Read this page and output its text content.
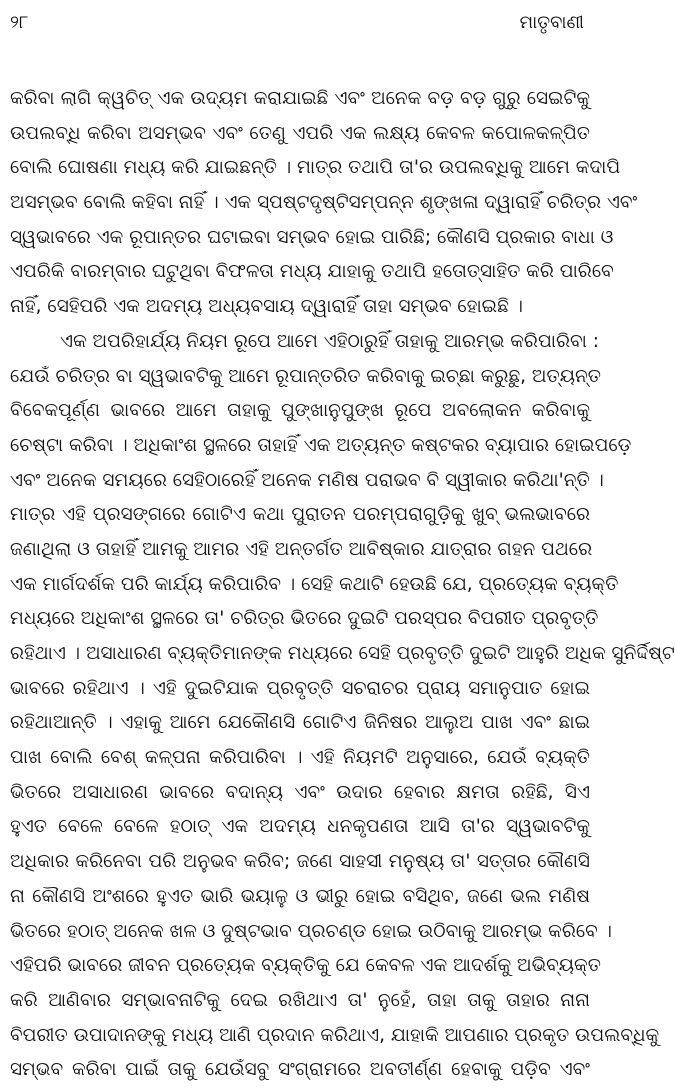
୨୮	ମାତୃବାଣୀ
କରିବା ଲାଗି କ୍ୱଚିତ୍ ଏକ ଉଦ୍ୟମ କରାଯାଇଛି ଏବଂ ଅନେକ ବଡ଼ ବଡ଼ ଗୁରୁ ସେଇଟିକୁ
ଉପଲବ୍ଧି କରିବା ଅସମ୍ଭବ ଏବଂ ତେଣୁ ଏପରି ଏକ ଲକ୍ଷ୍ୟ କେବଳ କପୋଳକଳ୍ପିତ
ବୋଲି ଘୋଷଣା ମଧ୍ୟ କରି ଯାଇଛନ୍ତି । ମାତ୍ର ତଥାପି ତା'ର ଉପଲବ୍ଧିକୁ ଆମେ କଦାପି
ଅସମ୍ଭବ ବୋଲି କହିବା ନାହିଁ । ଏକ ସ୍ପଷ୍ଟଦୃଷ୍ଟିସମ୍ପନ୍ନ ଶୃଙ୍ଖଳା ଦ୍ୱାରାହିଁ ଚରିତ୍ର ଏବଂ
ସ୍ୱଭାବରେ ଏକ ରୂପାନ୍ତର ଘଟାଇବା ସମ୍ଭବ ହୋଇ ପାରିଛି; କୌଣସି ପ୍ରକାର ବାଧା ଓ
ଏପରିକି ବାରମ୍ବାର ଘଟୁଥିବା ବିଫଳତା ମଧ୍ୟ ଯାହାକୁ ତଥାପି ହତୋତ୍ସାହିତ କରି ପାରିବେ
ନାହିଁ, ସେହିପରି ଏକ ଅଦମ୍ୟ ଅଧ୍ୟବସାୟ ଦ୍ୱାରାହିଁ ତାହା ସମ୍ଭବ ହୋଇଛି ।
ଏକ ଅପରିହାର୍ଯ୍ୟ ନିୟମ ରୂପେ ଆମେ ଏହିଠାରୁହିଁ ତାହାକୁ ଆରମ୍ଭ କରିପାରିବା :
ଯେଉଁ ଚରିତ୍ର ବା ସ୍ୱଭାବଟିକୁ ଆମେ ରୂପାନ୍ତରିତ କରିବାକୁ ଇଚ୍ଛା କରୁଛୁ, ଅତ୍ୟନ୍ତ
ବିବେକପୂର୍ଣ୍ଣ ଭାବରେ ଆମେ ତାହାକୁ ପୁଙ୍ଖାନୁପୁଙ୍ଖ ରୂପେ ଅବଲୋକନ କରିବାକୁ
ଚେଷ୍ଟା କରିବା । ଅଧିକାଂଶ ସ୍ଥଳରେ ତାହାହିଁ ଏକ ଅତ୍ୟନ୍ତ କଷ୍ଟକର ବ୍ୟାପାର ହୋଇପଡ଼େ
ଏବଂ ଅନେକ ସମୟରେ ସେହିଠାରେହିଁ ଅନେକ ମଣିଷ ପରାଭବ ବି ସ୍ୱୀକାର କରିଥା'ନ୍ତି ।
ମାତ୍ର ଏହି ପ୍ରସଙ୍ଗରେ ଗୋଟିଏ କଥା ପୁରାତନ ପରମ୍ପରାଗୁଡ଼ିକୁ ଖୁବ୍ ଭଲଭାବରେ
ଜଣାଥିଲା ଓ ତାହାହିଁ ଆମକୁ ଆମର ଏହି ଅନ୍ତର୍ଗତ ଆବିଷ୍କାର ଯାତ୍ରାର ଗହନ ପଥରେ
ଏକ ମାର୍ଗଦର୍ଶକ ପରି କାର୍ଯ୍ୟ କରିପାରିବ । ସେହି କଥାଟି ହେଉଛି ଯେ, ପ୍ରତ୍ୟେକ ବ୍ୟକ୍ତି
ମଧ୍ୟରେ ଅଧିକାଂଶ ସ୍ଥଳରେ ତା' ଚରିତ୍ର ଭିତରେ ଦୁଇଟି ପରସ୍ପର ବିପରୀତ ପ୍ରବୃତ୍ତି
ରହିଥାଏ । ଅସାଧାରଣ ବ୍ୟକ୍ତିମାନଙ୍କ ମଧ୍ୟରେ ସେହି ପ୍ରବୃତ୍ତି ଦୁଇଟି ଆହୁରି ଅଧିକ ସୁନିର୍ଦ୍ଦିଷ୍ଟ
ଭାବରେ ରହିଥାଏ । ଏହି ଦୁଇଟିଯାକ ପ୍ରବୃତ୍ତି ସଚରାଚର ପ୍ରାୟ ସମାନୁପାତ ହୋଇ
ରହିଥାଆନ୍ତି । ଏହାକୁ ଆମେ ଯେକୌଣସି ଗୋଟିଏ ଜିନିଷର ଆଲୁଅ ପାଖ ଏବଂ ଛାଇ
ପାଖ ବୋଲି ବେଶ୍ କଳ୍ପନା କରିପାରିବା । ଏହି ନିୟମଟି ଅନୁସାରେ, ଯେଉଁ ବ୍ୟକ୍ତି
ଭିତରେ ଅସାଧାରଣ ଭାବରେ ବଦାନ୍ୟ ଏବଂ ଉଦାର ହେବାର କ୍ଷମତା ରହିଛି, ସିଏ
ହୁଏତ ବେଳେ ବେଳେ ହଠାତ୍ ଏକ ଅଦମ୍ୟ ଧନକୃପଣତା ଆସି ତା'ର ସ୍ୱଭାବଟିକୁ
ଅଧିକାର କରିନେବା ପରି ଅନୁଭବ କରିବ; ଜଣେ ସାହସୀ ମନୁଷ୍ୟ ତା' ସତ୍ତାର କୌଣସି
ନା କୌଣସି ଅଂଶରେ ହୁଏତ ଭାରି ଭୟାଳୁ ଓ ଭୀରୁ ହୋଇ ବସିଥିବ, ଜଣେ ଭଲ ମଣିଷ
ଭିତରେ ହଠାତ୍ ଅନେକ ଖଳ ଓ ଦୁଷ୍ଟଭାବ ପ୍ରଚଣ୍ଡ ହୋଇ ଉଠିବାକୁ ଆରମ୍ଭ କରିବେ ।
ଏହିପରି ଭାବରେ ଜୀବନ ପ୍ରତ୍ୟେକ ବ୍ୟକ୍ତିକୁ ଯେ କେବଳ ଏକ ଆଦର୍ଶକୁ ଅଭିବ୍ୟକ୍ତ
କରି ଆଣିବାର ସମ୍ଭାବନାଟିକୁ ଦେଇ ରଖିଥାଏ ତା' ନୁହେଁ, ତାହା ତାକୁ ତାହାର ନାନା
ବିପରୀତ ଉପାଦାନଙ୍କୁ ମଧ୍ୟ ଆଣି ପ୍ରଦାନ କରିଥାଏ, ଯାହାକି ଆପଣାର ପ୍ରକୃତ ଉପଲବ୍ଧିକୁ
ସମ୍ଭବ କରିବା ପାଇଁ ତାକୁ ଯେଉଁସବୁ ସଂଗ୍ରାମରେ ଅବତୀର୍ଣ୍ଣ ହେବାକୁ ପଡ଼ିବ ଏବଂ
